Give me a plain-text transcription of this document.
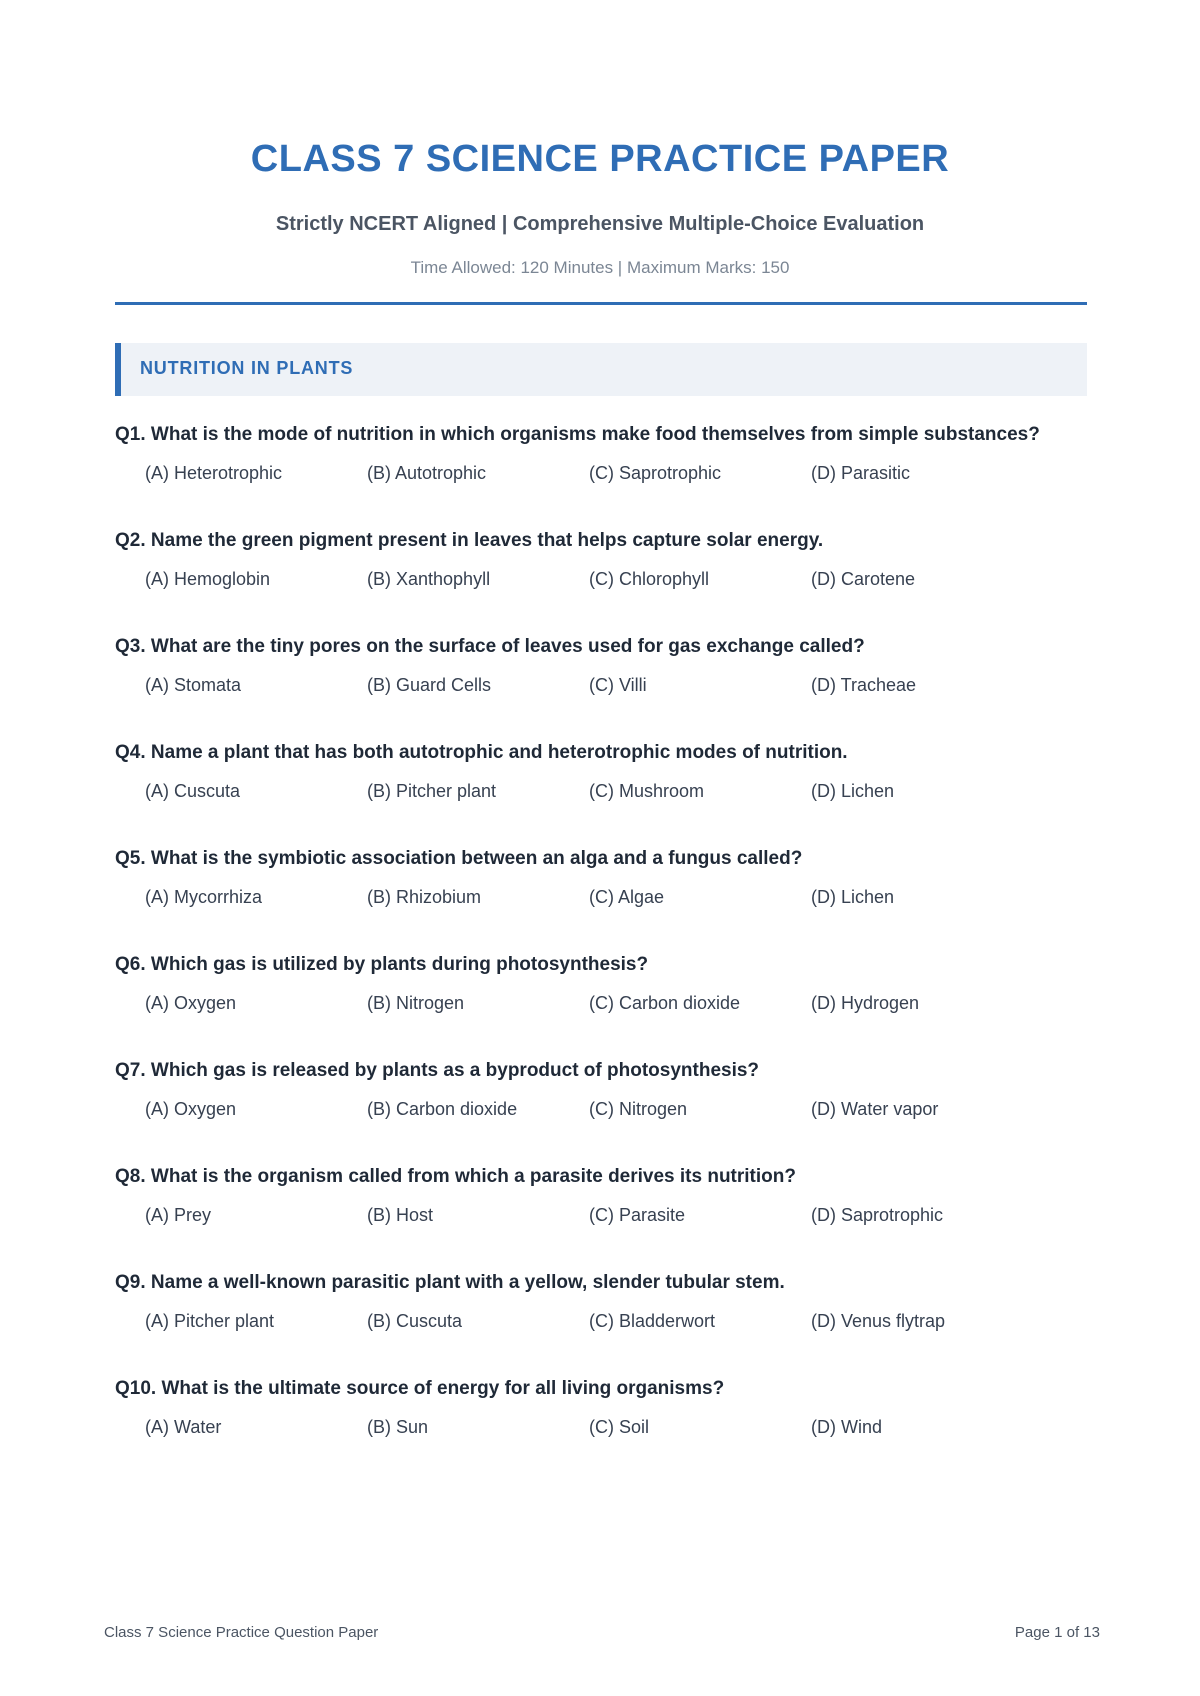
CLASS 7 SCIENCE PRACTICE PAPER
Strictly NCERT Aligned | Comprehensive Multiple-Choice Evaluation
Time Allowed: 120 Minutes | Maximum Marks: 150
NUTRITION IN PLANTS
Q1. What is the mode of nutrition in which organisms make food themselves from simple substances?
(A) Heterotrophic	(B) Autotrophic	(C) Saprotrophic	(D) Parasitic
Q2. Name the green pigment present in leaves that helps capture solar energy.
(A) Hemoglobin	(B) Xanthophyll	(C) Chlorophyll	(D) Carotene
Q3. What are the tiny pores on the surface of leaves used for gas exchange called?
(A) Stomata	(B) Guard Cells	(C) Villi	(D) Tracheae
Q4. Name a plant that has both autotrophic and heterotrophic modes of nutrition.
(A) Cuscuta	(B) Pitcher plant	(C) Mushroom	(D) Lichen
Q5. What is the symbiotic association between an alga and a fungus called?
(A) Mycorrhiza	(B) Rhizobium	(C) Algae	(D) Lichen
Q6. Which gas is utilized by plants during photosynthesis?
(A) Oxygen	(B) Nitrogen	(C) Carbon dioxide	(D) Hydrogen
Q7. Which gas is released by plants as a byproduct of photosynthesis?
(A) Oxygen	(B) Carbon dioxide	(C) Nitrogen	(D) Water vapor
Q8. What is the organism called from which a parasite derives its nutrition?
(A) Prey	(B) Host	(C) Parasite	(D) Saprotrophic
Q9. Name a well-known parasitic plant with a yellow, slender tubular stem.
(A) Pitcher plant	(B) Cuscuta	(C) Bladderwort	(D) Venus flytrap
Q10. What is the ultimate source of energy for all living organisms?
(A) Water	(B) Sun	(C) Soil	(D) Wind
Class 7 Science Practice Question Paper	Page 1 of 13
